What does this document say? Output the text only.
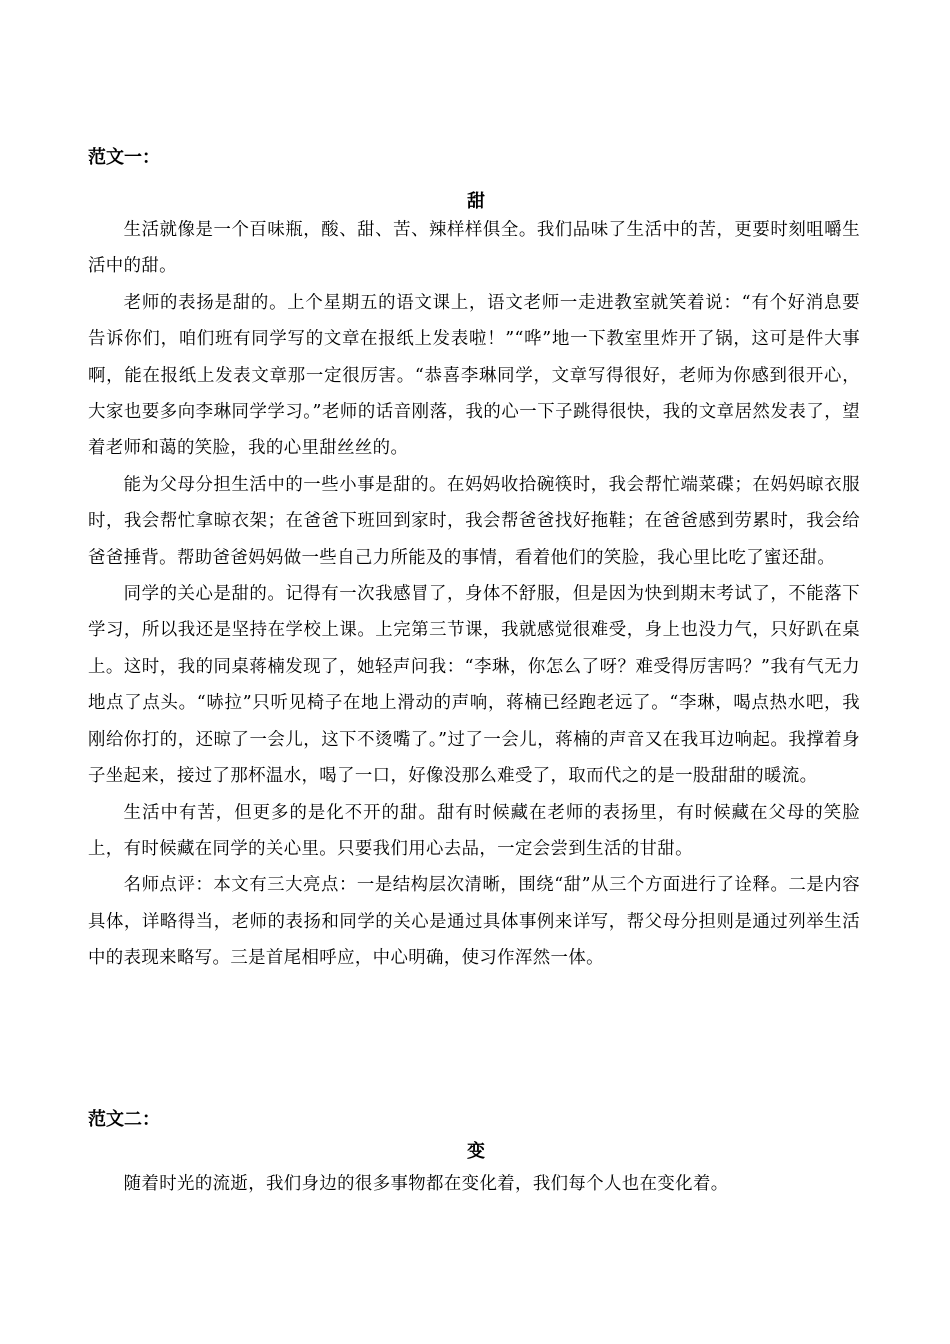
范文一：
甜

生活就像是一个百味瓶，酸、甜、苦、辣样样俱全。我们品味了生活中的苦，更要时刻咀嚼生活中的甜。

老师的表扬是甜的。上个星期五的语文课上，语文老师一走进教室就笑着说：“有个好消息要告诉你们，咱们班有同学写的文章在报纸上发表啦！”“哗”地一下教室里炸开了锅，这可是件大事啊，能在报纸上发表文章那一定很厉害。“恭喜李琳同学，文章写得很好，老师为你感到很开心，大家也要多向李琳同学学习。”老师的话音刚落，我的心一下子跳得很快，我的文章居然发表了，望着老师和蔼的笑脸，我的心里甜丝丝的。

能为父母分担生活中的一些小事是甜的。在妈妈收拾碗筷时，我会帮忙端菜碟；在妈妈晾衣服时，我会帮忙拿晾衣架；在爸爸下班回到家时，我会帮爸爸找好拖鞋；在爸爸感到劳累时，我会给爸爸捶背。帮助爸爸妈妈做一些自己力所能及的事情，看着他们的笑脸，我心里比吃了蜜还甜。

同学的关心是甜的。记得有一次我感冒了，身体不舒服，但是因为快到期末考试了，不能落下学习，所以我还是坚持在学校上课。上完第三节课，我就感觉很难受，身上也没力气，只好趴在桌上。这时，我的同桌蒋楠发现了，她轻声问我：“李琳，你怎么了呀？难受得厉害吗？”我有气无力地点了点头。“哧拉”只听见椅子在地上滑动的声响，蒋楠已经跑老远了。“李琳，喝点热水吧，我刚给你打的，还晾了一会儿，这下不烫嘴了。”过了一会儿，蒋楠的声音又在我耳边响起。我撑着身子坐起来，接过了那杯温水，喝了一口，好像没那么难受了，取而代之的是一股甜甜的暖流。

生活中有苦，但更多的是化不开的甜。甜有时候藏在老师的表扬里，有时候藏在父母的笑脸上，有时候藏在同学的关心里。只要我们用心去品，一定会尝到生活的甘甜。

名师点评：本文有三大亮点：一是结构层次清晰，围绕“甜”从三个方面进行了诠释。二是内容具体，详略得当，老师的表扬和同学的关心是通过具体事例来详写，帮父母分担则是通过列举生活中的表现来略写。三是首尾相呼应，中心明确，使习作浑然一体。

范文二：
变

随着时光的流逝，我们身边的很多事物都在变化着，我们每个人也在变化着。
